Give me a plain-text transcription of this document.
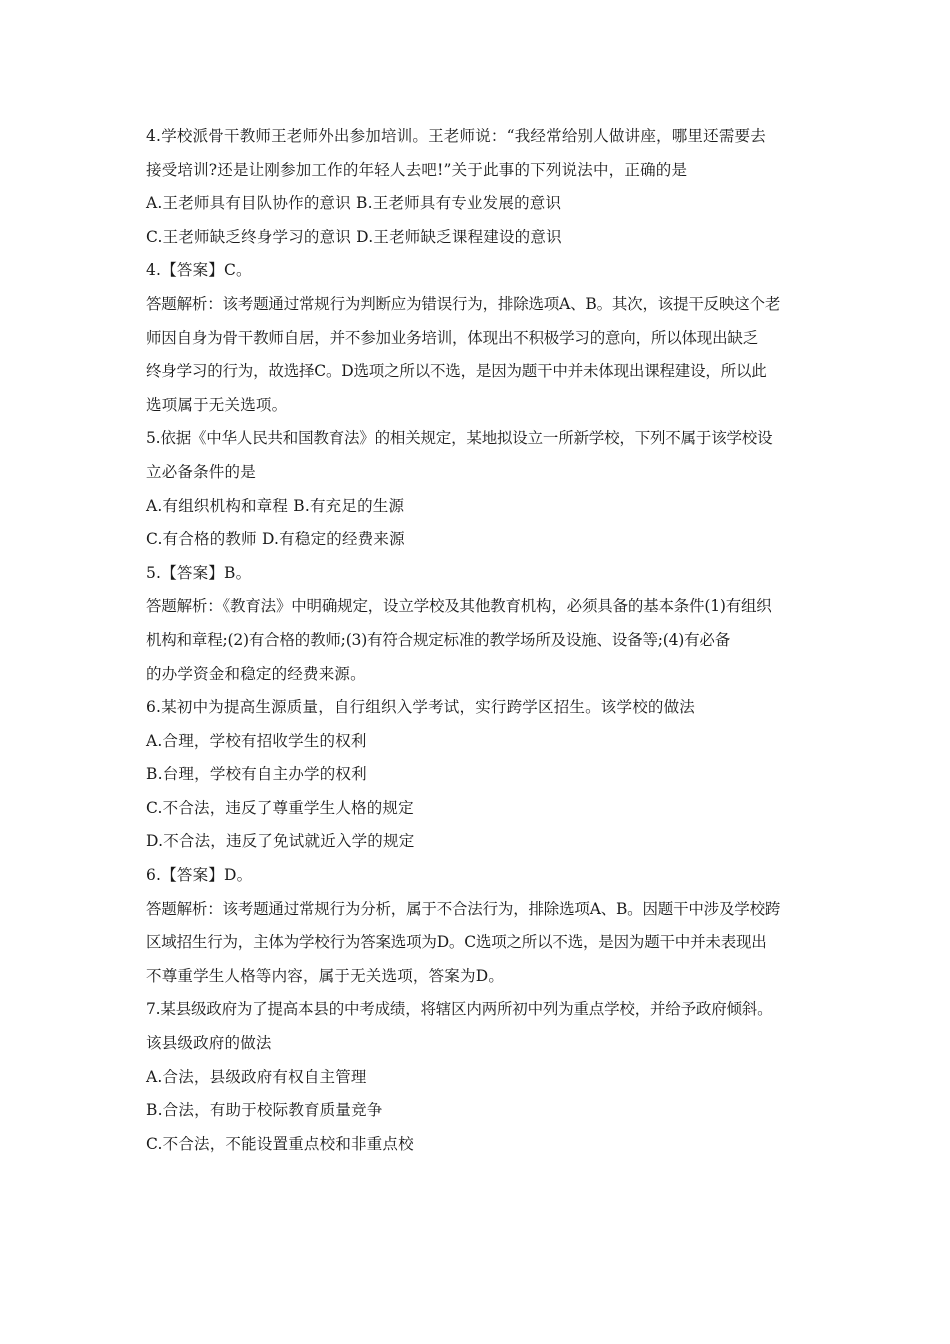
4.学校派骨干教师王老师外出参加培训。王老师说：“我经常给别人做讲座，哪里还需要去
接受培训?还是让刚参加工作的年轻人去吧!”关于此事的下列说法中，正确的是
A.王老师具有目队协作的意识 B.王老师具有专业发展的意识
C.王老师缺乏终身学习的意识 D.王老师缺乏课程建设的意识
4.【答案】C。
答题解析：该考题通过常规行为判断应为错误行为，排除选项A、B。其次，该提干反映这个老
师因自身为骨干教师自居，并不参加业务培训，体现出不积极学习的意向，所以体现出缺乏
终身学习的行为，故选择C。D选项之所以不选，是因为题干中并未体现出课程建设，所以此
选项属于无关选项。
5.依据《中华人民共和国教育法》的相关规定，某地拟设立一所新学校，下列不属于该学校设
立必备条件的是
A.有组织机构和章程 B.有充足的生源
C.有合格的教师 D.有稳定的经费来源
5.【答案】B。
答题解析：《教育法》中明确规定，设立学校及其他教育机构，必须具备的基本条件(1)有组织
机构和章程;(2)有合格的教师;(3)有符合规定标准的教学场所及设施、设备等;(4)有必备
的办学资金和稳定的经费来源。
6.某初中为提高生源质量，自行组织入学考试，实行跨学区招生。该学校的做法
A.合理，学校有招收学生的权利
B.台理，学校有自主办学的权利
C.不合法，违反了尊重学生人格的规定
D.不合法，违反了免试就近入学的规定
6.【答案】D。
答题解析：该考题通过常规行为分析，属于不合法行为，排除选项A、B。因题干中涉及学校跨
区域招生行为，主体为学校行为答案选项为D。C选项之所以不选，是因为题干中并未表现出
不尊重学生人格等内容，属于无关选项，答案为D。
7.某县级政府为了提高本县的中考成绩，将辖区内两所初中列为重点学校，并给予政府倾斜。
该县级政府的做法
A.合法，县级政府有权自主管理
B.合法，有助于校际教育质量竞争
C.不合法，不能设置重点校和非重点校
